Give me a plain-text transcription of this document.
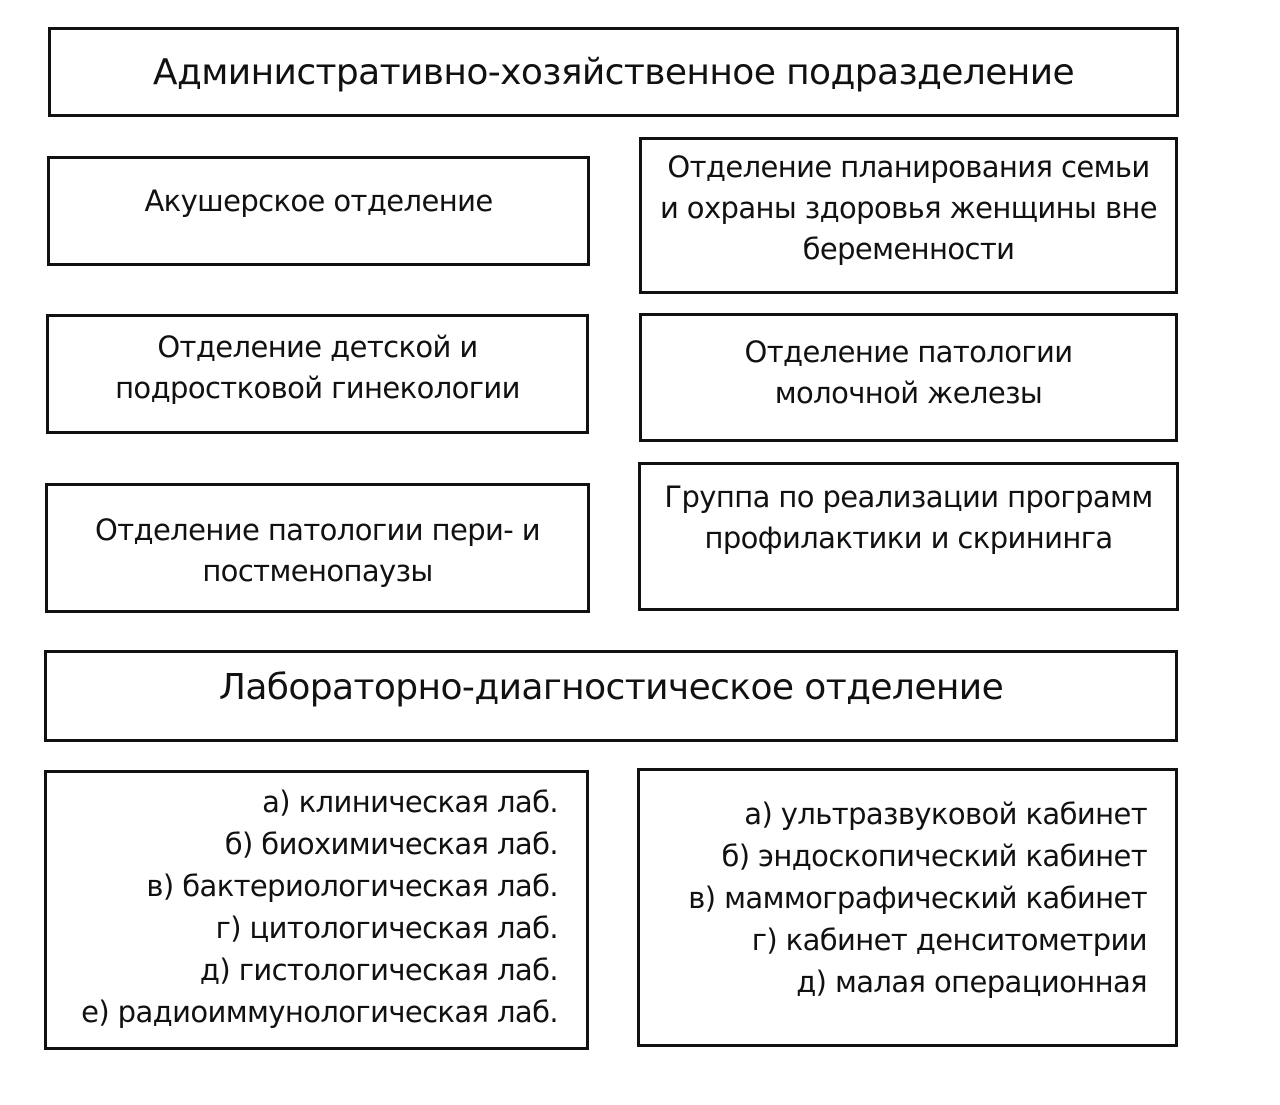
Административно-хозяйственное подразделение
Акушерское отделение
Отделение планирования семьи
и охраны здоровья женщины вне
беременности
Отделение детской и
подростковой гинекологии
Отделение патологии
молочной железы
Отделение патологии пери- и
постменопаузы
Группа по реализации программ
профилактики и скрининга
Лабораторно-диагностическое отделение
а) клиническая лаб.
б) биохимическая лаб.
в) бактериологическая лаб.
г) цитологическая лаб.
д) гистологическая лаб.
е) радиоиммунологическая лаб.
а) ультразвуковой кабинет
б) эндоскопический кабинет
в) маммографический кабинет
г) кабинет денситометрии
д) малая операционная
